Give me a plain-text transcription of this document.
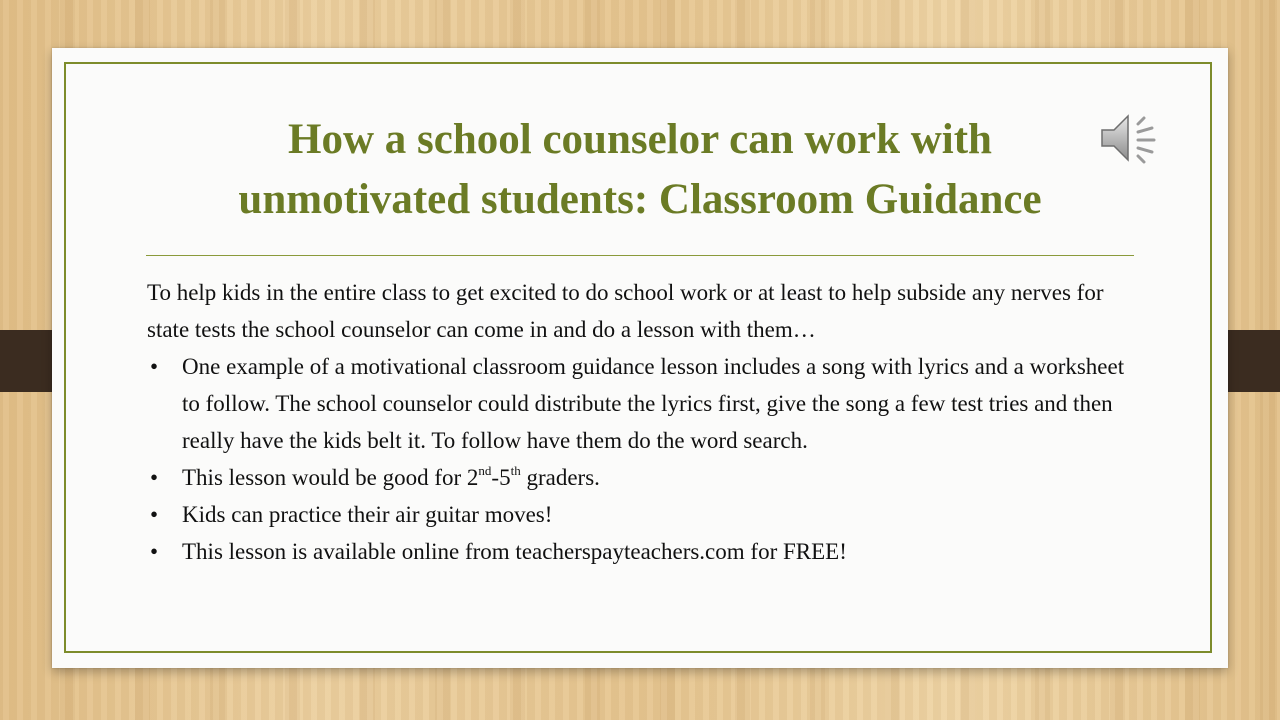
How a school counselor can work with
unmotivated students: Classroom Guidance

To help kids in the entire class to get excited to do school work or at least to help subside any nerves for state tests the school counselor can come in and do a lesson with them…

• One example of a motivational classroom guidance lesson includes a song with lyrics and a worksheet to follow. The school counselor could distribute the lyrics first, give the song a few test tries and then really have the kids belt it. To follow have them do the word search.
• This lesson would be good for 2nd-5th graders.
• Kids can practice their air guitar moves!
• This lesson is available online from teacherspayteachers.com for FREE!
